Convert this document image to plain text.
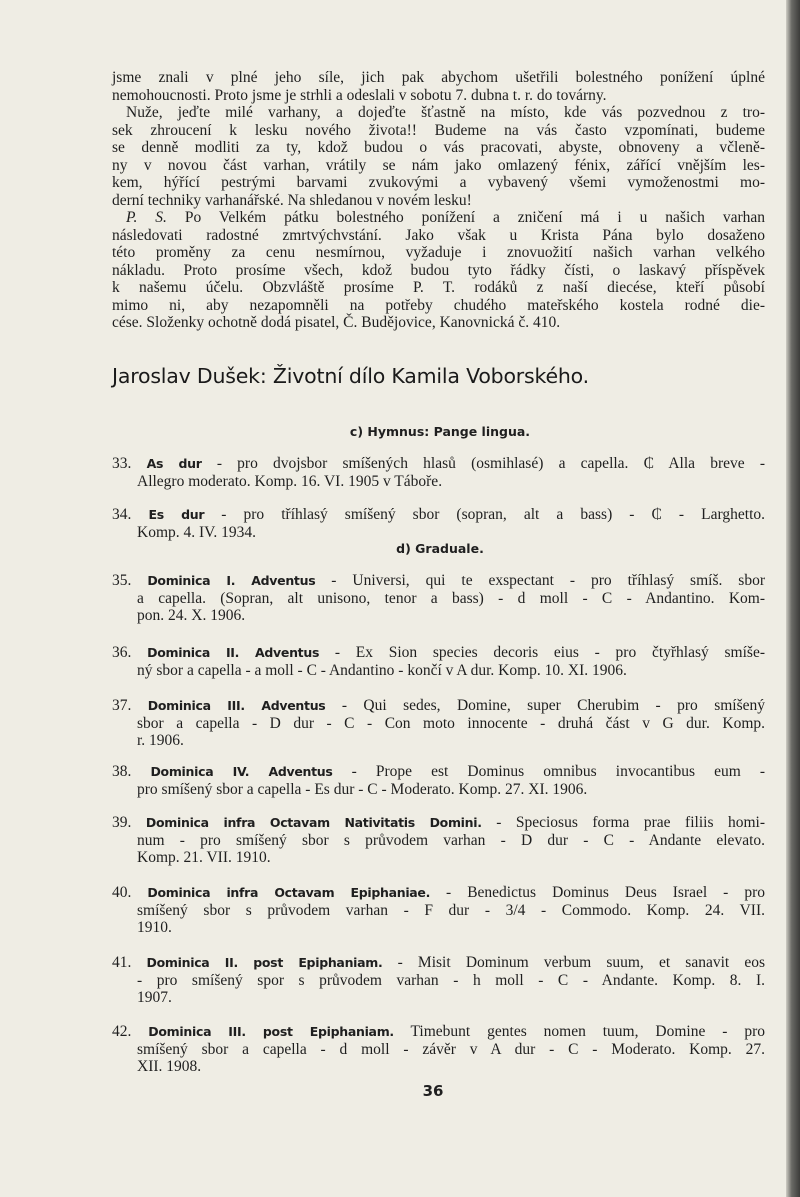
jsme znali v plné jeho síle, jich pak abychom ušetřili bolestného ponížení úplné
nemohoucnosti. Proto jsme je strhli a odeslali v sobotu 7. dubna t. r. do továrny.
Nuže, jeďte milé varhany, a dojeďte šťastně na místo, kde vás pozvednou z tro-
sek zhroucení k lesku nového života!! Budeme na vás často vzpomínati, budeme
se denně modliti za ty, kdož budou o vás pracovati, abyste, obnoveny a včleně-
ny v novou část varhan, vrátily se nám jako omlazený fénix, zářící vnějším les-
kem, hýřící pestrými barvami zvukovými a vybavený všemi vymoženostmi mo-
derní techniky varhanářské. Na shledanou v novém lesku!
P. S. Po Velkém pátku bolestného ponížení a zničení má i u našich varhan
následovati radostné zmrtvýchvstání. Jako však u Krista Pána bylo dosaženo
této proměny za cenu nesmírnou, vyžaduje i znovuožití našich varhan velkého
nákladu. Proto prosíme všech, kdož budou tyto řádky čísti, o laskavý příspěvek
k našemu účelu. Obzvláště prosíme P. T. rodáků z naší diecése, kteří působí
mimo ni, aby nezapomněli na potřeby chudého mateřského kostela rodné die-
cése. Složenky ochotně dodá pisatel, Č. Budějovice, Kanovnická č. 410.
Jaroslav Dušek: Životní dílo Kamila Voborského.
c) Hymnus: Pange lingua.
d) Graduale.
33. As dur - pro dvojsbor smíšených hlasů (osmihlasé) a capella. ₵ Alla breve -
Allegro moderato. Komp. 16. VI. 1905 v Táboře.
34. Es dur - pro tříhlasý smíšený sbor (sopran, alt a bass) - ₵ - Larghetto.
Komp. 4. IV. 1934.
35. Dominica I. Adventus - Universi, qui te exspectant - pro tříhlasý smíš. sbor
a capella. (Sopran, alt unisono, tenor a bass) - d moll - C - Andantino. Kom-
pon. 24. X. 1906.
36. Dominica II. Adventus - Ex Sion species decoris eius - pro čtyřhlasý smíše-
ný sbor a capella - a moll - C - Andantino - končí v A dur. Komp. 10. XI. 1906.
37. Dominica III. Adventus - Qui sedes, Domine, super Cherubim - pro smíšený
sbor a capella - D dur - C - Con moto innocente - druhá část v G dur. Komp.
r. 1906.
38. Dominica IV. Adventus - Prope est Dominus omnibus invocantibus eum -
pro smíšený sbor a capella - Es dur - C - Moderato. Komp. 27. XI. 1906.
39. Dominica infra Octavam Nativitatis Domini. - Speciosus forma prae filiis homi-
num - pro smíšený sbor s průvodem varhan - D dur - C - Andante elevato.
Komp. 21. VII. 1910.
40. Dominica infra Octavam Epiphaniae. - Benedictus Dominus Deus Israel - pro
smíšený sbor s průvodem varhan - F dur - 3/4 - Commodo. Komp. 24. VII.
1910.
41. Dominica II. post Epiphaniam. - Misit Dominum verbum suum, et sanavit eos
- pro smíšený spor s průvodem varhan - h moll - C - Andante. Komp. 8. I.
1907.
42. Dominica III. post Epiphaniam. Timebunt gentes nomen tuum, Domine - pro
smíšený sbor a capella - d moll - závěr v A dur - C - Moderato. Komp. 27.
XII. 1908.
36
